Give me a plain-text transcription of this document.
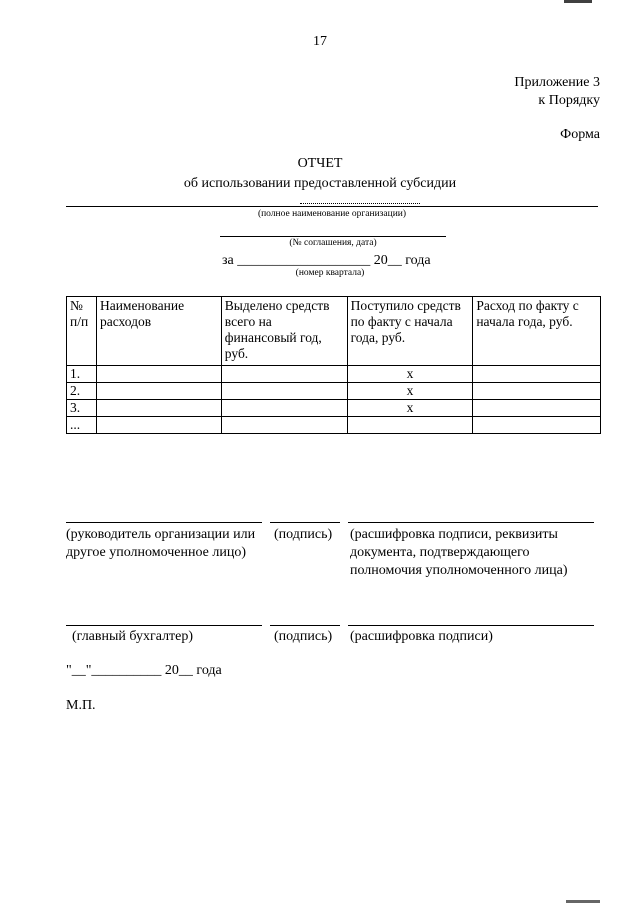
17
Приложение 3
к Порядку
Форма
ОТЧЕТ
об использовании предоставленной субсидии
(полное наименование организации)
(№ соглашения, дата)
за ___________________ 20__ года
(номер квартала)
№ п/п	Наименование расходов	Выделено средств всего на финансовый год, руб.	Поступило средств по факту с начала года, руб.	Расход по факту с начала года, руб.
1.			х	
2.			х	
3.			х	
...				
(руководитель организации или другое уполномоченное лицо)
(подпись) (расшифровка подписи, реквизиты документа, подтверждающего полномочия уполномоченного лица)
(главный бухгалтер)	(подпись) (расшифровка подписи)
"__"__________ 20__ года
М.П.
